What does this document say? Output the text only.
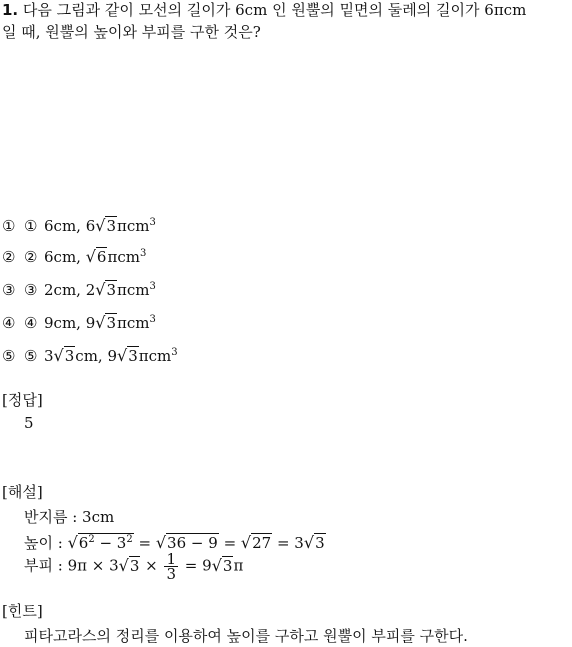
1. 다음 그림과 같이 모선의 길이가 6cm 인 원뿔의 밑면의 둘레의 길이가 6πcm
일 때, 원뿔의 높이와 부피를 구한 것은?
① ① 6cm, 6√3πcm$^3$
② ② 6cm, √6πcm$^3$
③ ③ 2cm, 2√3πcm$^3$
④ ④ 9cm, 9√3πcm$^3$
⑤ ⑤ 3√3cm, 9√3πcm$^3$
[정답]
5
[해설]
반지름 : 3cm
높이 : $√6^2 - 3^2 = √36 - 9 = √27 = 3√3$
부피 : $9\pi \times 3√3 \times \frac{1}{3} = 9√3\pi$
[힌트]
피타고라스의 정리를 이용하여 높이를 구하고 원뿔이 부피를 구한다.
